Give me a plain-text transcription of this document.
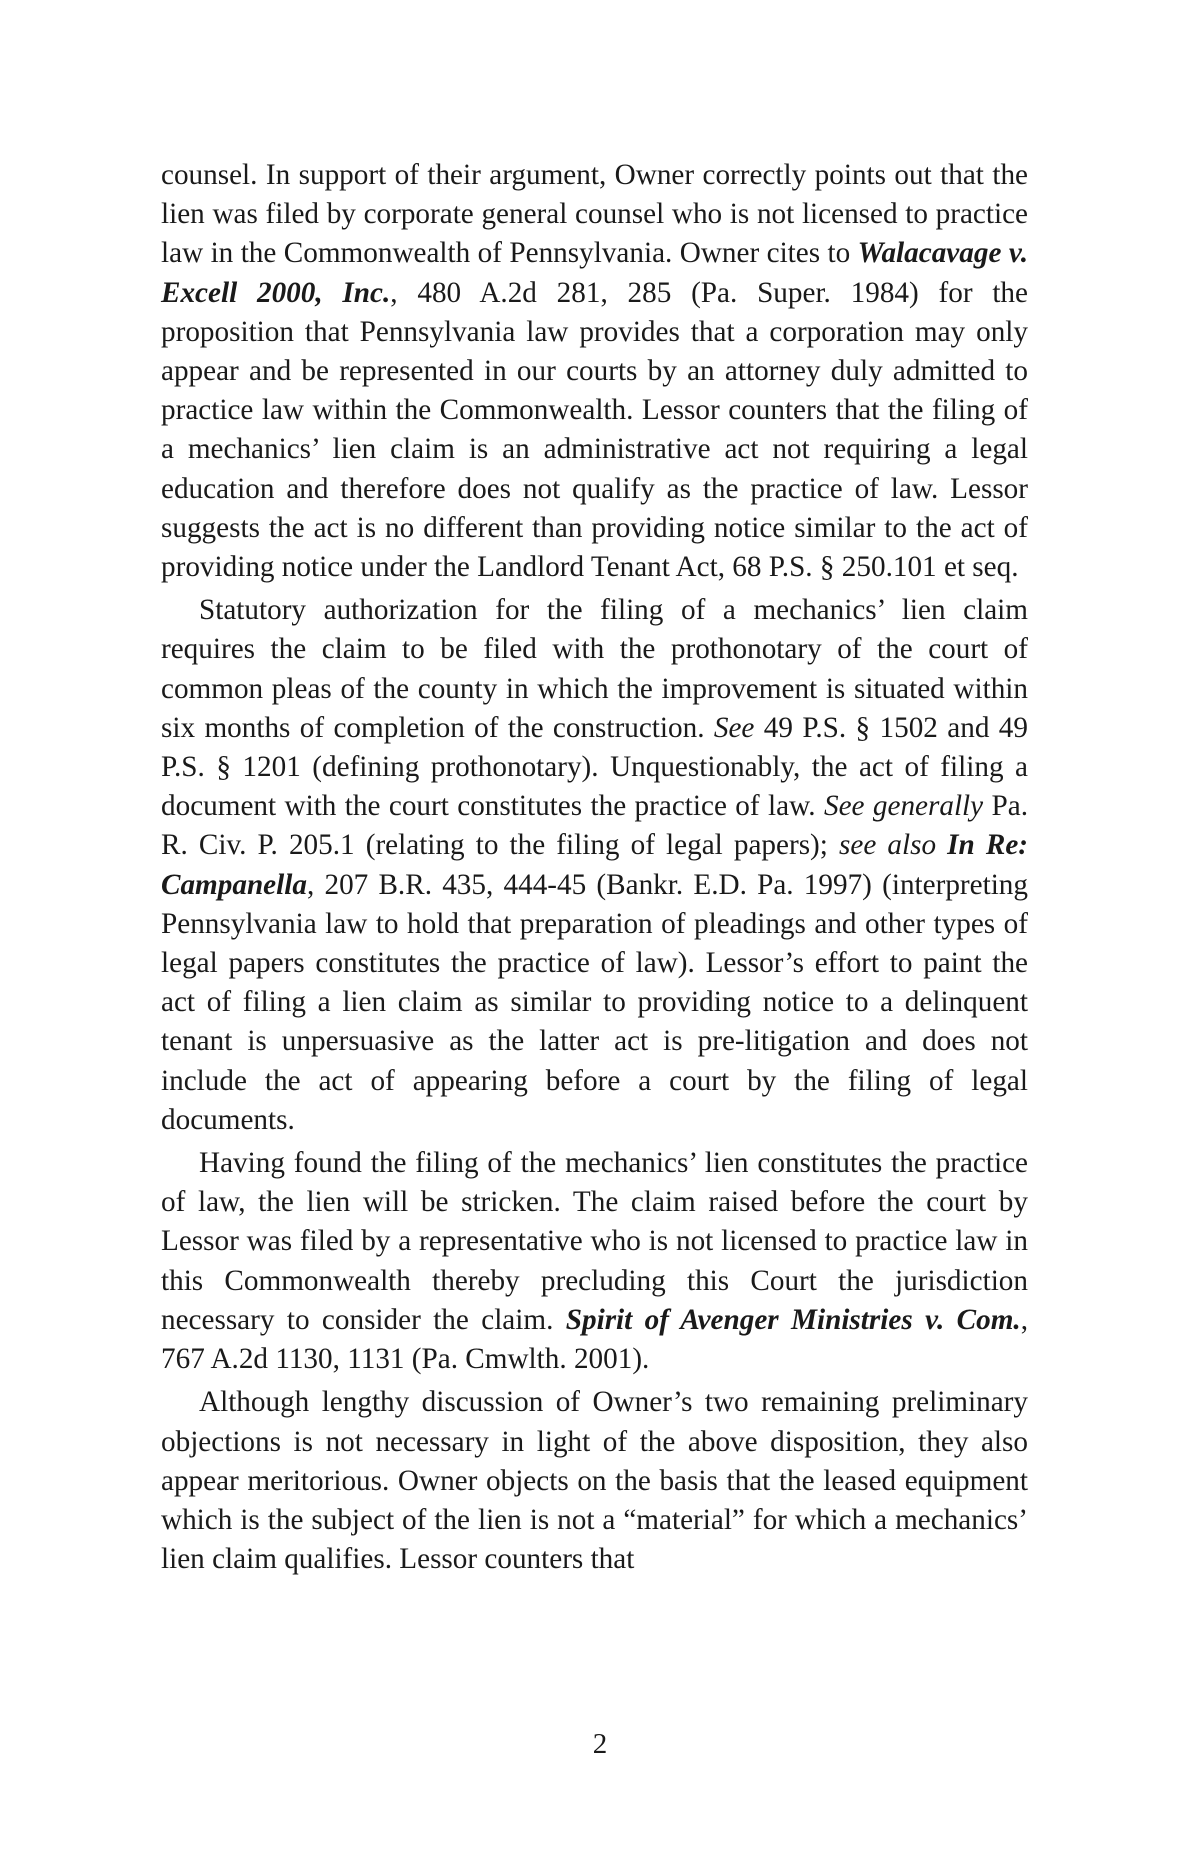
counsel. In support of their argument, Owner correctly points out that the lien was filed by corporate general counsel who is not licensed to practice law in the Commonwealth of Pennsylvania. Owner cites to Walacavage v. Excell 2000, Inc., 480 A.2d 281, 285 (Pa. Super. 1984) for the proposition that Pennsylvania law provides that a corporation may only appear and be represented in our courts by an attorney duly admitted to practice law within the Commonwealth. Lessor counters that the filing of a mechanics’ lien claim is an administrative act not requiring a legal education and therefore does not qualify as the practice of law. Lessor suggests the act is no different than providing notice similar to the act of providing notice under the Landlord Tenant Act, 68 P.S. § 250.101 et seq.

Statutory authorization for the filing of a mechanics’ lien claim requires the claim to be filed with the prothonotary of the court of common pleas of the county in which the improvement is situated within six months of completion of the construction. See 49 P.S. § 1502 and 49 P.S. § 1201 (defining prothonotary). Unquestionably, the act of filing a document with the court constitutes the practice of law. See generally Pa. R. Civ. P. 205.1 (relating to the filing of legal papers); see also In Re: Campanella, 207 B.R. 435, 444-45 (Bankr. E.D. Pa. 1997) (interpreting Pennsylvania law to hold that preparation of pleadings and other types of legal papers constitutes the practice of law). Lessor’s effort to paint the act of filing a lien claim as similar to providing notice to a delinquent tenant is unpersuasive as the latter act is pre-litigation and does not include the act of appearing before a court by the filing of legal documents.

Having found the filing of the mechanics’ lien constitutes the practice of law, the lien will be stricken. The claim raised before the court by Lessor was filed by a representative who is not licensed to practice law in this Commonwealth thereby precluding this Court the jurisdiction necessary to consider the claim. Spirit of Avenger Ministries v. Com., 767 A.2d 1130, 1131 (Pa. Cmwlth. 2001).

Although lengthy discussion of Owner’s two remaining preliminary objections is not necessary in light of the above disposition, they also appear meritorious. Owner objects on the basis that the leased equipment which is the subject of the lien is not a “material” for which a mechanics’ lien claim qualifies. Lessor counters that

2
